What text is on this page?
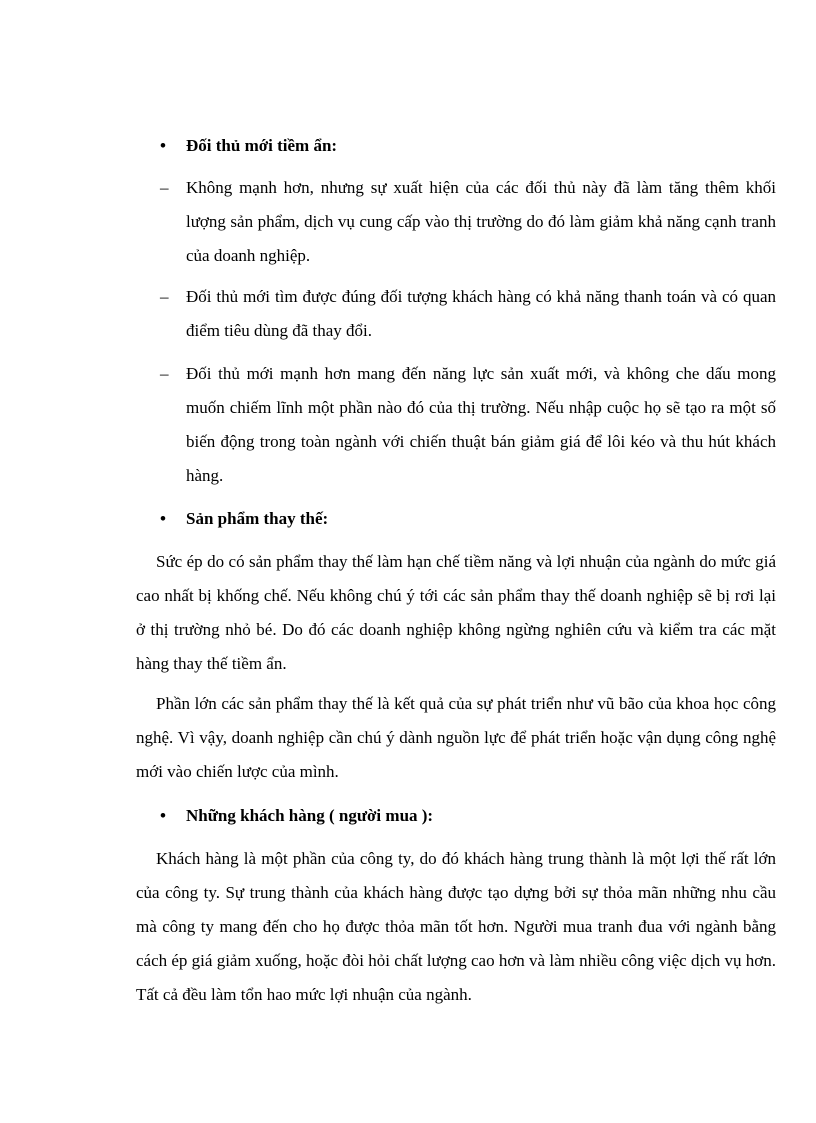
• Đối thủ mới tiềm ẩn:
– Không mạnh hơn, nhưng sự xuất hiện của các đối thủ này đã làm tăng thêm khối lượng sản phẩm, dịch vụ cung cấp vào thị trường do đó làm giảm khả năng cạnh tranh của doanh nghiệp.
– Đối thủ mới tìm được đúng đối tượng khách hàng có khả năng thanh toán và có quan điểm tiêu dùng đã thay đổi.
– Đối thủ mới mạnh hơn mang đến năng lực sản xuất mới, và không che dấu mong muốn chiếm lĩnh một phần nào đó của thị trường. Nếu nhập cuộc họ sẽ tạo ra một số biến động trong toàn ngành với chiến thuật bán giảm giá để lôi kéo và thu hút khách hàng.
• Sản phẩm thay thế:
Sức ép do có sản phẩm thay thế làm hạn chế tiềm năng và lợi nhuận của ngành do mức giá cao nhất bị khống chế. Nếu không chú ý tới các sản phẩm thay thế doanh nghiệp sẽ bị rơi lại ở thị trường nhỏ bé. Do đó các doanh nghiệp không ngừng nghiên cứu và kiểm tra các mặt hàng thay thế tiềm ẩn.
Phần lớn các sản phẩm thay thế là kết quả của sự phát triển như vũ bão của khoa học công nghệ. Vì vậy, doanh nghiệp cần chú ý dành nguồn lực để phát triển hoặc vận dụng công nghệ mới vào chiến lược của mình.
• Những khách hàng ( người mua ):
Khách hàng là một phần của công ty, do đó khách hàng trung thành là một lợi thế rất lớn của công ty. Sự trung thành của khách hàng được tạo dựng bởi sự thỏa mãn những nhu cầu mà công ty mang đến cho họ được thỏa mãn tốt hơn. Người mua tranh đua với ngành bằng cách ép giá giảm xuống, hoặc đòi hỏi chất lượng cao hơn và làm nhiều công việc dịch vụ hơn. Tất cả đều làm tổn hao mức lợi nhuận của ngành.
